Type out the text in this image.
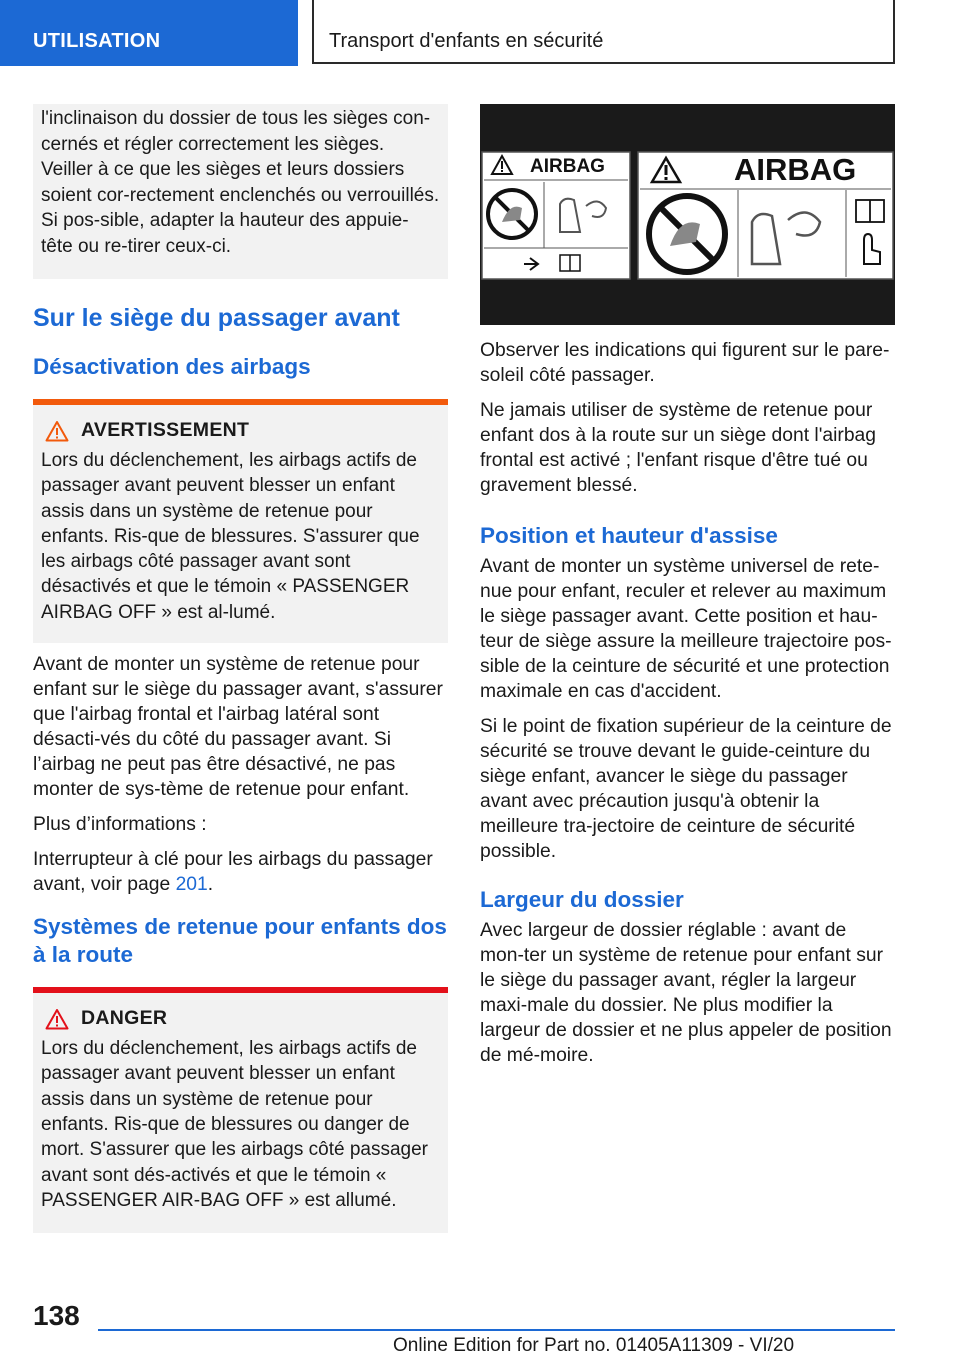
UTILISATION	Transport d'enfants en sécurité

l'inclinaison du dossier de tous les sièges con-cernés et régler correctement les sièges. Veiller à ce que les sièges et leurs dossiers soient cor-rectement enclenchés ou verrouillés. Si pos-sible, adapter la hauteur des appuie-tête ou re-tirer ceux-ci.

Sur le siège du passager avant
Désactivation des airbags
AVERTISSEMENT

Lors du déclenchement, les airbags actifs de passager avant peuvent blesser un enfant assis dans un système de retenue pour enfants. Ris-que de blessures. S'assurer que les airbags côté passager avant sont désactivés et que le témoin « PASSENGER AIRBAG OFF » est al-lumé.

Avant de monter un système de retenue pour enfant sur le siège du passager avant, s'assurer que l'airbag frontal et l'airbag latéral sont désacti-vés du côté du passager avant. Si l’airbag ne peut pas être désactivé, ne pas monter de sys-tème de retenue pour enfant.

Plus d’informations :

Interrupteur à clé pour les airbags du passager avant, voir page 201.

Systèmes de retenue pour enfants dos à la route
DANGER

Lors du déclenchement, les airbags actifs de passager avant peuvent blesser un enfant assis dans un système de retenue pour enfants. Ris-que de blessures ou danger de mort. S'assurer que les airbags côté passager avant sont dés-activés et que le témoin « PASSENGER AIR-BAG OFF » est allumé.

AIRBAG	AIRBAG

Observer les indications qui figurent sur le pare-soleil côté passager.

Ne jamais utiliser de système de retenue pour enfant dos à la route sur un siège dont l'airbag frontal est activé ; l'enfant risque d'être tué ou gravement blessé.

Position et hauteur d'assise

Avant de monter un système universel de rete-nue pour enfant, reculer et relever au maximum le siège passager avant. Cette position et hau-teur de siège assure la meilleure trajectoire pos-sible de la ceinture de sécurité et une protection maximale en cas d'accident.

Si le point de fixation supérieur de la ceinture de sécurité se trouve devant le guide-ceinture du siège enfant, avancer le siège du passager avant avec précaution jusqu'à obtenir la meilleure tra-jectoire de ceinture de sécurité possible.

Largeur du dossier

Avec largeur de dossier réglable : avant de mon-ter un système de retenue pour enfant sur le siège du passager avant, régler la largeur maxi-male du dossier. Ne plus modifier la largeur de dossier et ne plus appeler de position de mé-moire.

138
Online Edition for Part no. 01405A11309 - VI/20
